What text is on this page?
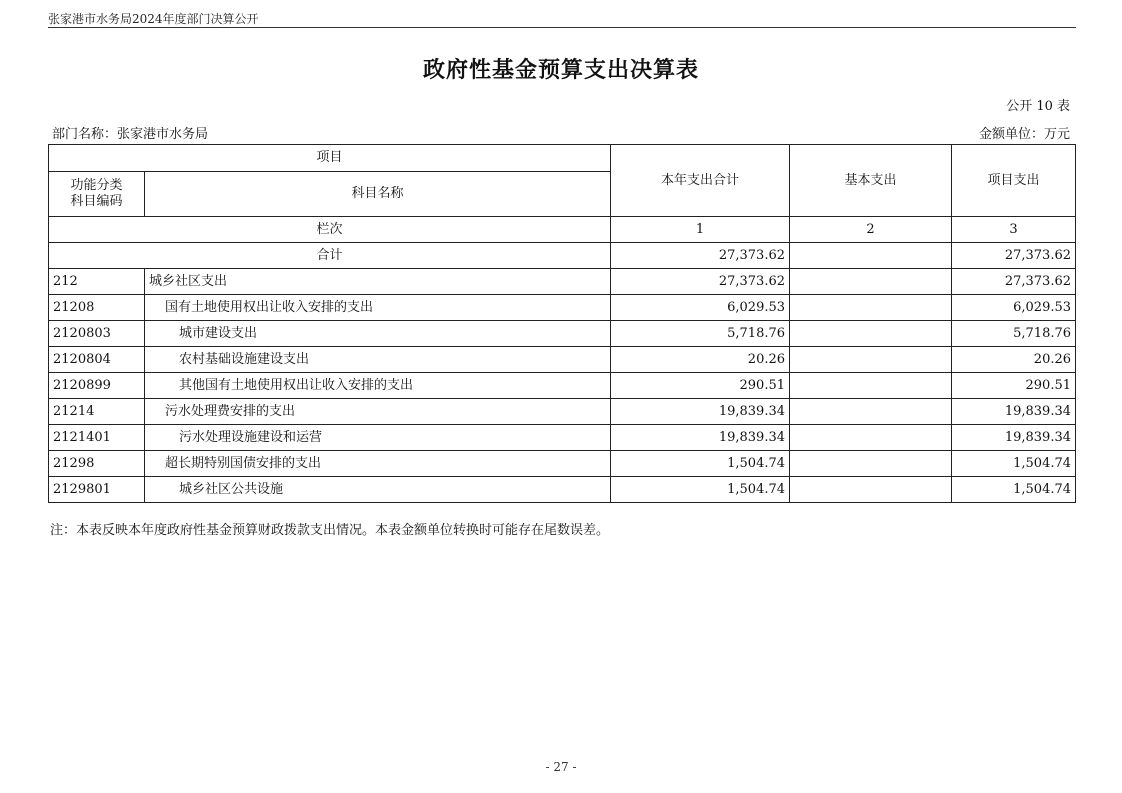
张家港市水务局2024年度部门决算公开
政府性基金预算支出决算表
公开 10 表
部门名称：张家港市水务局	金额单位：万元
项目		本年支出合计	基本支出	项目支出
功能分类
科目编码	科目名称			
栏次		1	2	3
合计		27,373.62		27,373.62
212	城乡社区支出	27,373.62		27,373.62
21208	国有土地使用权出让收入安排的支出	6,029.53		6,029.53
2120803	城市建设支出	5,718.76		5,718.76
2120804	农村基础设施建设支出	20.26		20.26
2120899	其他国有土地使用权出让收入安排的支出	290.51		290.51
21214	污水处理费安排的支出	19,839.34		19,839.34
2121401	污水处理设施建设和运营	19,839.34		19,839.34
21298	超长期特别国债安排的支出	1,504.74		1,504.74
2129801	城乡社区公共设施	1,504.74		1,504.74
注：本表反映本年度政府性基金预算财政拨款支出情况。本表金额单位转换时可能存在尾数误差。
- 27 -
